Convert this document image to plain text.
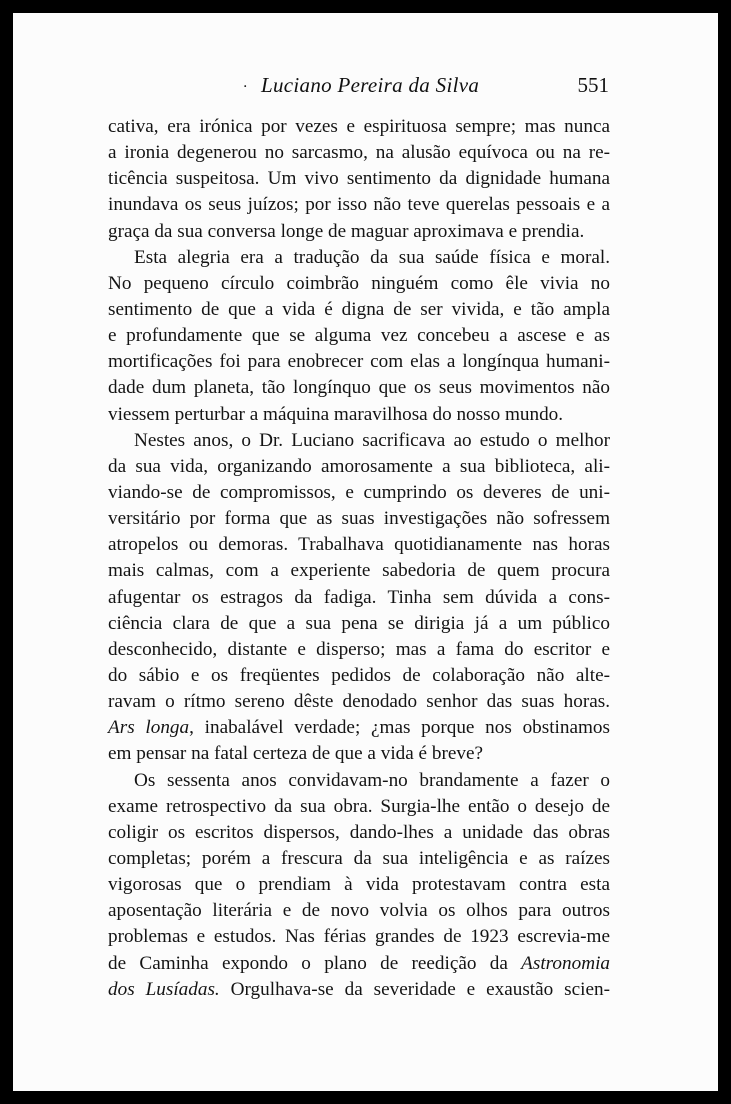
· Luciano Pereira da Silva	551
cativa, era irónica por vezes e espirituosa sempre; mas nunca
a ironia degenerou no sarcasmo, na alusão equívoca ou na re-
ticência suspeitosa. Um vivo sentimento da dignidade humana
inundava os seus juízos; por isso não teve querelas pessoais e a
graça da sua conversa longe de maguar aproximava e prendia.
Esta alegria era a tradução da sua saúde física e moral.
No pequeno círculo coimbrão ninguém como êle vivia no
sentimento de que a vida é digna de ser vivida, e tão ampla
e profundamente que se alguma vez concebeu a ascese e as
mortificações foi para enobrecer com elas a longínqua humani-
dade dum planeta, tão longínquo que os seus movimentos não
viessem perturbar a máquina maravilhosa do nosso mundo.
Nestes anos, o Dr. Luciano sacrificava ao estudo o melhor
da sua vida, organizando amorosamente a sua biblioteca, ali-
viando-se de compromissos, e cumprindo os deveres de uni-
versitário por forma que as suas investigações não sofressem
atropelos ou demoras. Trabalhava quotidianamente nas horas
mais calmas, com a experiente sabedoria de quem procura
afugentar os estragos da fadiga. Tinha sem dúvida a cons-
ciência clara de que a sua pena se dirigia já a um público
desconhecido, distante e disperso; mas a fama do escritor e
do sábio e os freqüentes pedidos de colaboração não alte-
ravam o rítmo sereno dêste denodado senhor das suas horas.
Ars longa, inabalável verdade; ¿mas porque nos obstinamos
em pensar na fatal certeza de que a vida é breve?
Os sessenta anos convidavam-no brandamente a fazer o
exame retrospectivo da sua obra. Surgia-lhe então o desejo de
coligir os escritos dispersos, dando-lhes a unidade das obras
completas; porém a frescura da sua inteligência e as raízes
vigorosas que o prendiam à vida protestavam contra esta
aposentação literária e de novo volvia os olhos para outros
problemas e estudos. Nas férias grandes de 1923 escrevia-me
de Caminha expondo o plano de reedição da Astronomia
dos Lusíadas. Orgulhava-se da severidade e exaustão scien-
